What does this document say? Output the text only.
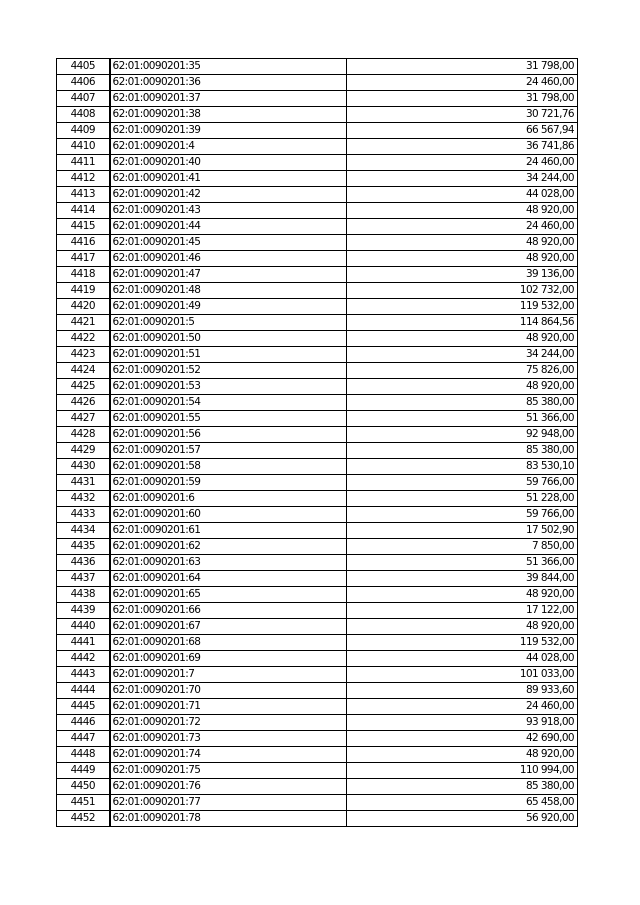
4405	62:01:0090201:35	31 798,00
4406	62:01:0090201:36	24 460,00
4407	62:01:0090201:37	31 798,00
4408	62:01:0090201:38	30 721,76
4409	62:01:0090201:39	66 567,94
4410	62:01:0090201:4	36 741,86
4411	62:01:0090201:40	24 460,00
4412	62:01:0090201:41	34 244,00
4413	62:01:0090201:42	44 028,00
4414	62:01:0090201:43	48 920,00
4415	62:01:0090201:44	24 460,00
4416	62:01:0090201:45	48 920,00
4417	62:01:0090201:46	48 920,00
4418	62:01:0090201:47	39 136,00
4419	62:01:0090201:48	102 732,00
4420	62:01:0090201:49	119 532,00
4421	62:01:0090201:5	114 864,56
4422	62:01:0090201:50	48 920,00
4423	62:01:0090201:51	34 244,00
4424	62:01:0090201:52	75 826,00
4425	62:01:0090201:53	48 920,00
4426	62:01:0090201:54	85 380,00
4427	62:01:0090201:55	51 366,00
4428	62:01:0090201:56	92 948,00
4429	62:01:0090201:57	85 380,00
4430	62:01:0090201:58	83 530,10
4431	62:01:0090201:59	59 766,00
4432	62:01:0090201:6	51 228,00
4433	62:01:0090201:60	59 766,00
4434	62:01:0090201:61	17 502,90
4435	62:01:0090201:62	7 850,00
4436	62:01:0090201:63	51 366,00
4437	62:01:0090201:64	39 844,00
4438	62:01:0090201:65	48 920,00
4439	62:01:0090201:66	17 122,00
4440	62:01:0090201:67	48 920,00
4441	62:01:0090201:68	119 532,00
4442	62:01:0090201:69	44 028,00
4443	62:01:0090201:7	101 033,00
4444	62:01:0090201:70	89 933,60
4445	62:01:0090201:71	24 460,00
4446	62:01:0090201:72	93 918,00
4447	62:01:0090201:73	42 690,00
4448	62:01:0090201:74	48 920,00
4449	62:01:0090201:75	110 994,00
4450	62:01:0090201:76	85 380,00
4451	62:01:0090201:77	65 458,00
4452	62:01:0090201:78	56 920,00
